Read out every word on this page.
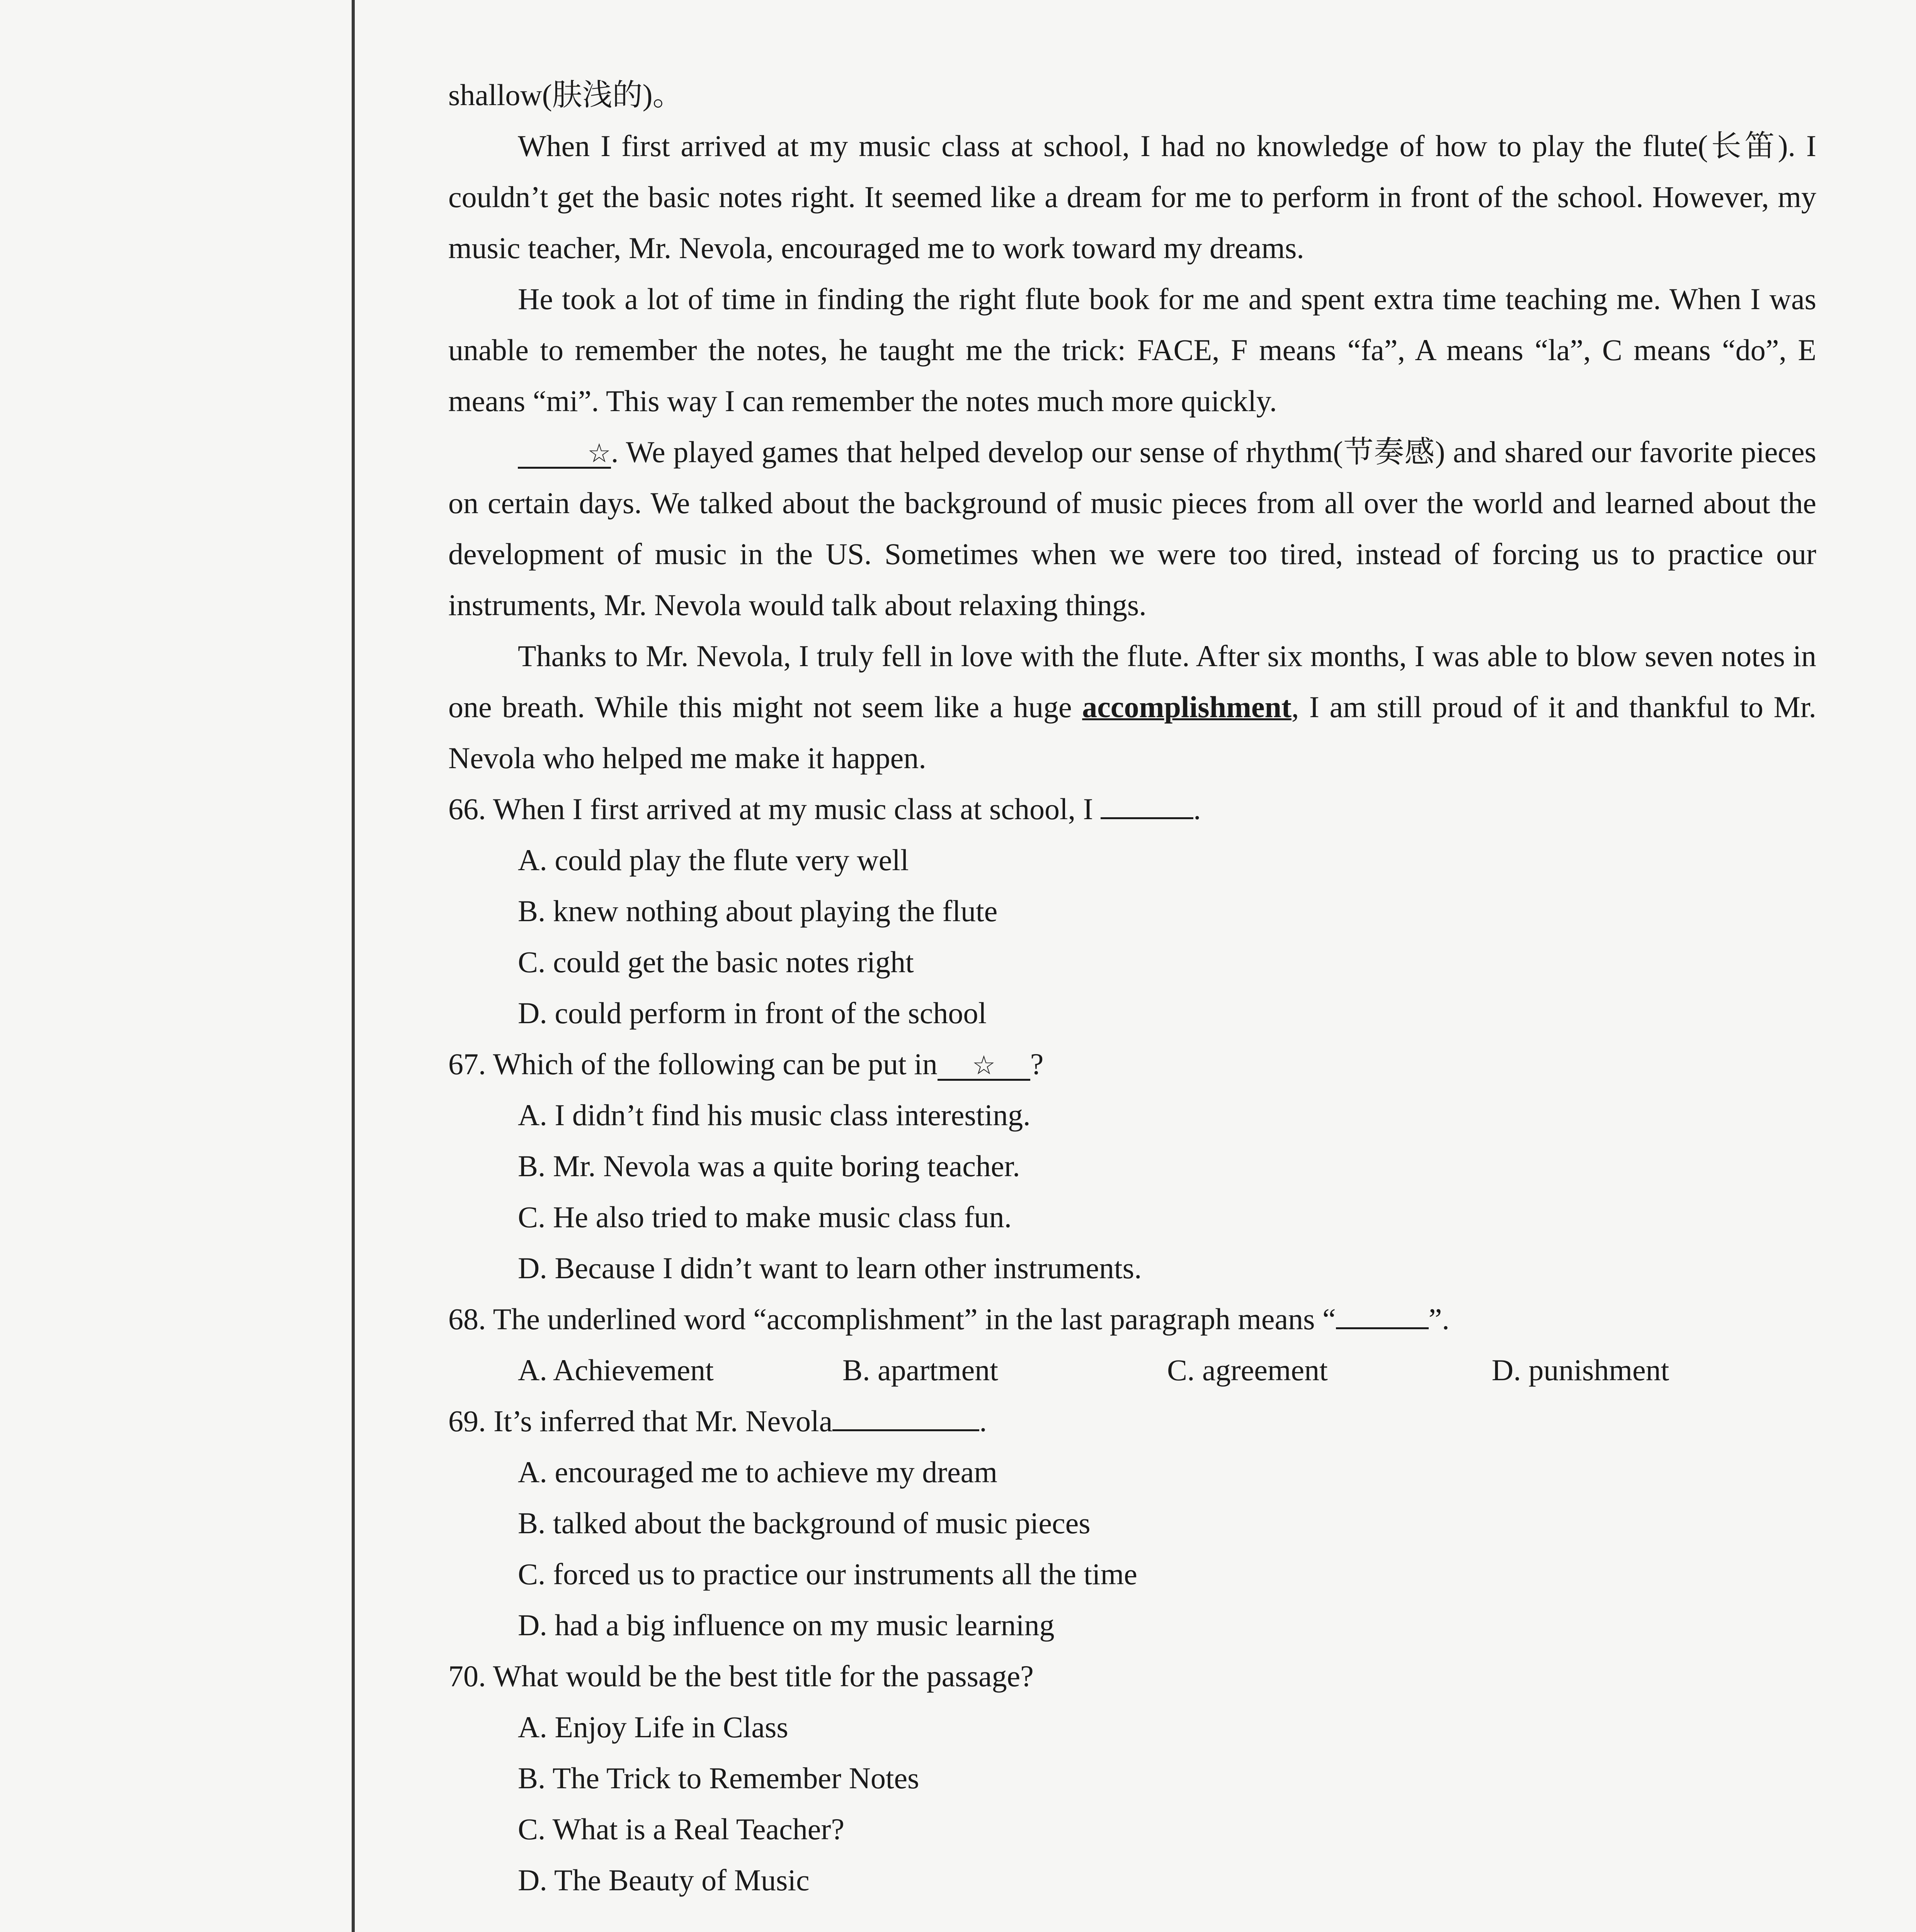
shallow(肤浅的)。

When I first arrived at my music class at school, I had no knowledge of how to play the flute(长笛). I couldn’t get the basic notes right. It seemed like a dream for me to perform in front of the school. However, my music teacher, Mr. Nevola, encouraged me to work toward my dreams.

He took a lot of time in finding the right flute book for me and spent extra time teaching me. When I was unable to remember the notes, he taught me the trick: FACE, F means “fa”, A means “la”, C means “do”, E means “mi”. This way I can remember the notes much more quickly.

☆. We played games that helped develop our sense of rhythm(节奏感) and shared our favorite pieces on certain days. We talked about the background of music pieces from all over the world and learned about the development of music in the US. Sometimes when we were too tired, instead of forcing us to practice our instruments, Mr. Nevola would talk about relaxing things.

Thanks to Mr. Nevola, I truly fell in love with the flute. After six months, I was able to blow seven notes in one breath. While this might not seem like a huge accomplishment, I am still proud of it and thankful to Mr. Nevola who helped me make it happen.

66. When I first arrived at my music class at school, I	.

A. could play the flute very well

B. knew nothing about playing the flute

C. could get the basic notes right

D. could perform in front of the school

67. Which of the following can be put in ☆ ?

A. I didn’t find his music class interesting.

B. Mr. Nevola was a quite boring teacher.

C. He also tried to make music class fun.

D. Because I didn’t want to learn other instruments.

68. The underlined word “accomplishment” in the last paragraph means “	”.

A. Achievement	B. apartment	C. agreement	D. punishment

69. It’s inferred that Mr. Nevola	.

A. encouraged me to achieve my dream

B. talked about the background of music pieces

C. forced us to practice our instruments all the time

D. had a big influence on my music learning

70. What would be the best title for the passage?

A. Enjoy Life in Class

B. The Trick to Remember Notes

C. What is a Real Teacher?

D. The Beauty of Music
